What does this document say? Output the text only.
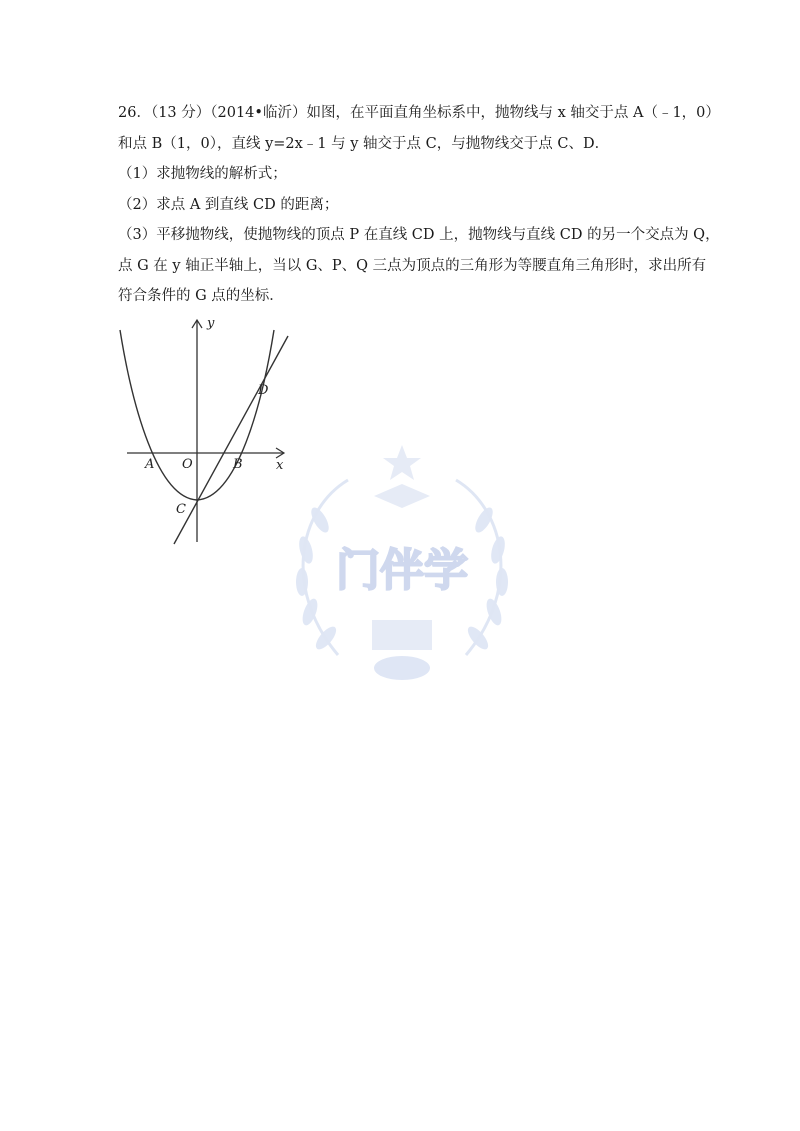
26．（13 分）（2014•临沂）如图，在平面直角坐标系中，抛物线与 x 轴交于点 A（﹣1，0）
和点 B（1，0），直线 y=2x﹣1 与 y 轴交于点 C，与抛物线交于点 C、D．
（1）求抛物线的解析式；
（2）求点 A 到直线 CD 的距离；
（3）平移抛物线，使抛物线的顶点 P 在直线 CD 上，抛物线与直线 CD 的另一个交点为 Q，
点 G 在 y 轴正半轴上，当以 G、P、Q 三点为顶点的三角形为等腰直角三角形时，求出所有
符合条件的 G 点的坐标．
y
x
O
A	B
C
D
门伴学
